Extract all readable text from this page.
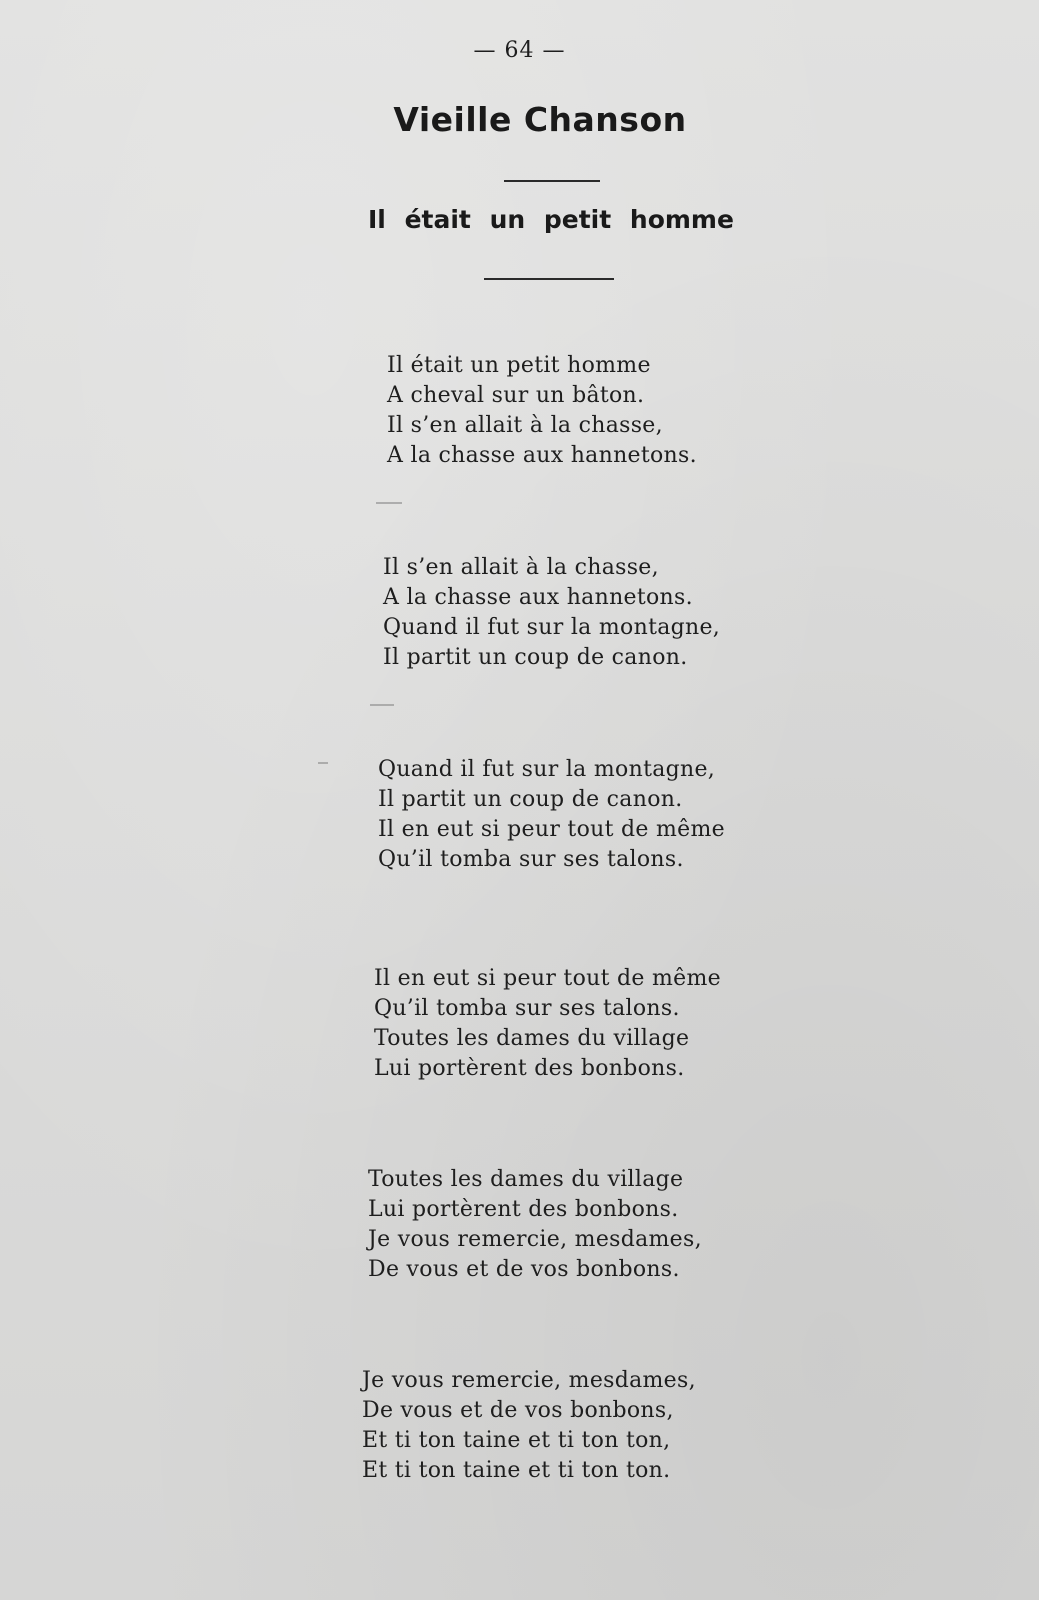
— 64 —
Vieille Chanson
Il était un petit homme
Il était un petit homme
A cheval sur un bâton.
Il s’en allait à la chasse,
A la chasse aux hannetons.
Il s’en allait à la chasse,
A la chasse aux hannetons.
Quand il fut sur la montagne,
Il partit un coup de canon.
Quand il fut sur la montagne,
Il partit un coup de canon.
Il en eut si peur tout de même
Qu’il tomba sur ses talons.
Il en eut si peur tout de même
Qu’il tomba sur ses talons.
Toutes les dames du village
Lui portèrent des bonbons.
Toutes les dames du village
Lui portèrent des bonbons.
Je vous remercie, mesdames,
De vous et de vos bonbons.
Je vous remercie, mesdames,
De vous et de vos bonbons,
Et ti ton taine et ti ton ton,
Et ti ton taine et ti ton ton.
